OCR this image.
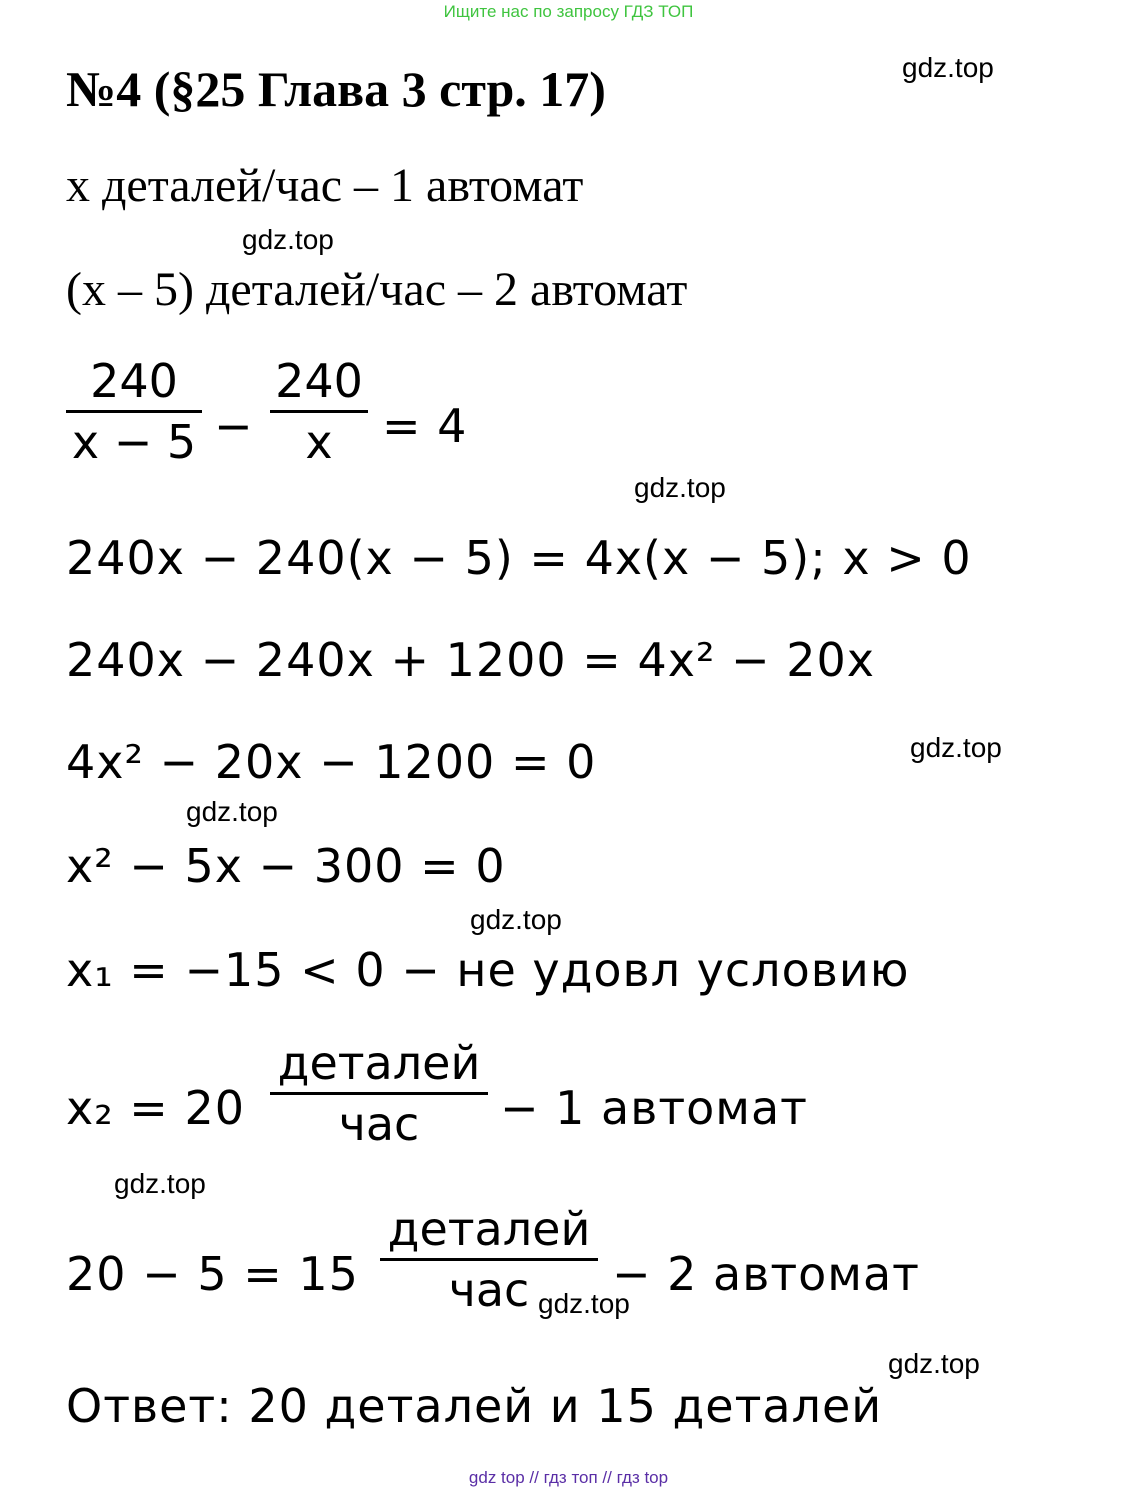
Ищите нас по запросу ГДЗ ТОП
№4 (§25 Глава 3 стр. 17)	gdz.top
x деталей/час – 1 автомат
gdz.top
(x – 5) деталей/час – 2 автомат
240
x − 5 −
240
x = 4
gdz.top
240x − 240(x − 5) = 4x(x − 5); x > 0
240x − 240x + 1200 = 4x² − 20x
gdz.top
4x² − 20x − 1200 = 0
gdz.top
x² − 5x − 300 = 0
gdz.top
x₁ = −15 < 0 − не удовл условию
x₂ = 20
деталей
час − 1 автомат
gdz.top
20 − 5 = 15
деталей
час − 2 автомат
gdz.top
gdz.top
Ответ: 20 деталей и 15 деталей
gdz top // гдз топ // гдз top
